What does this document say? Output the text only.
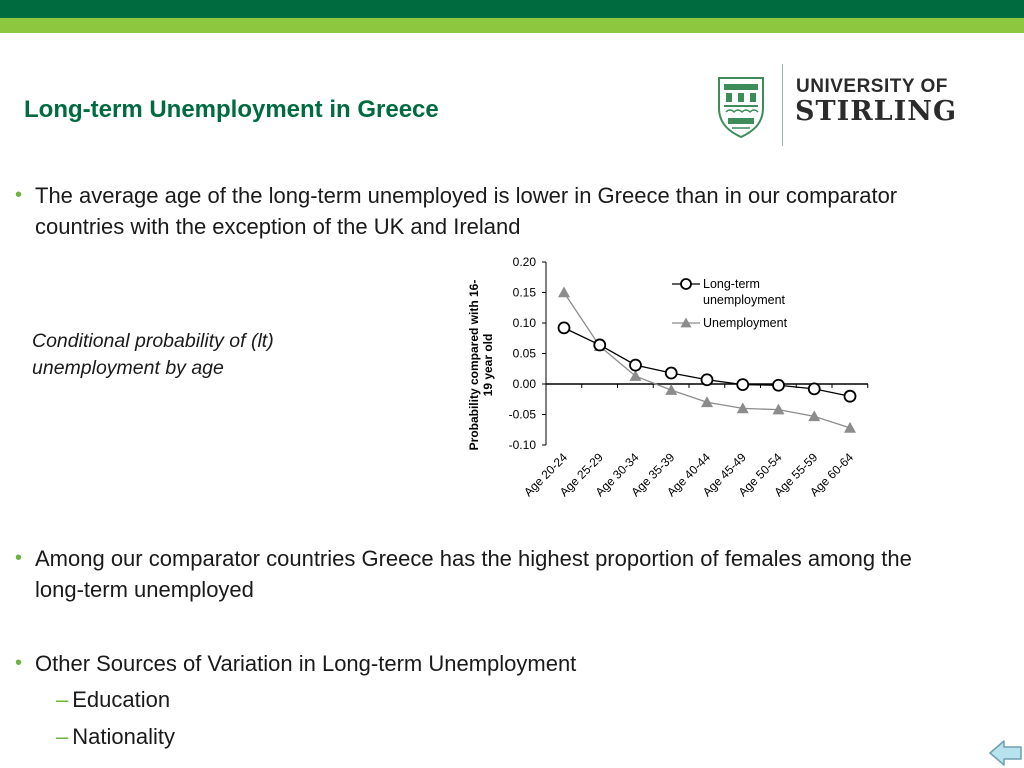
Long-term Unemployment in Greece
UNIVERSITY OF
STIRLING
• The average age of the long-term unemployed is lower in Greece than in our comparator countries with the exception of the UK and Ireland
Conditional probability of (lt) unemployment by age
-0.10
-0.05
0.00
0.05
0.10
0.15
0.20
Age 20-24
Age 25-29
Age 30-34
Age 35-39
Age 40-44
Age 45-49
Age 50-54
Age 55-59
Age 60-64
Long-term unemployment
Unemployment
Probability compared with 16-19 year old
• Among our comparator countries Greece has the highest proportion of females among the long-term unemployed
• Other Sources of Variation in Long-term Unemployment
– Education
– Nationality
